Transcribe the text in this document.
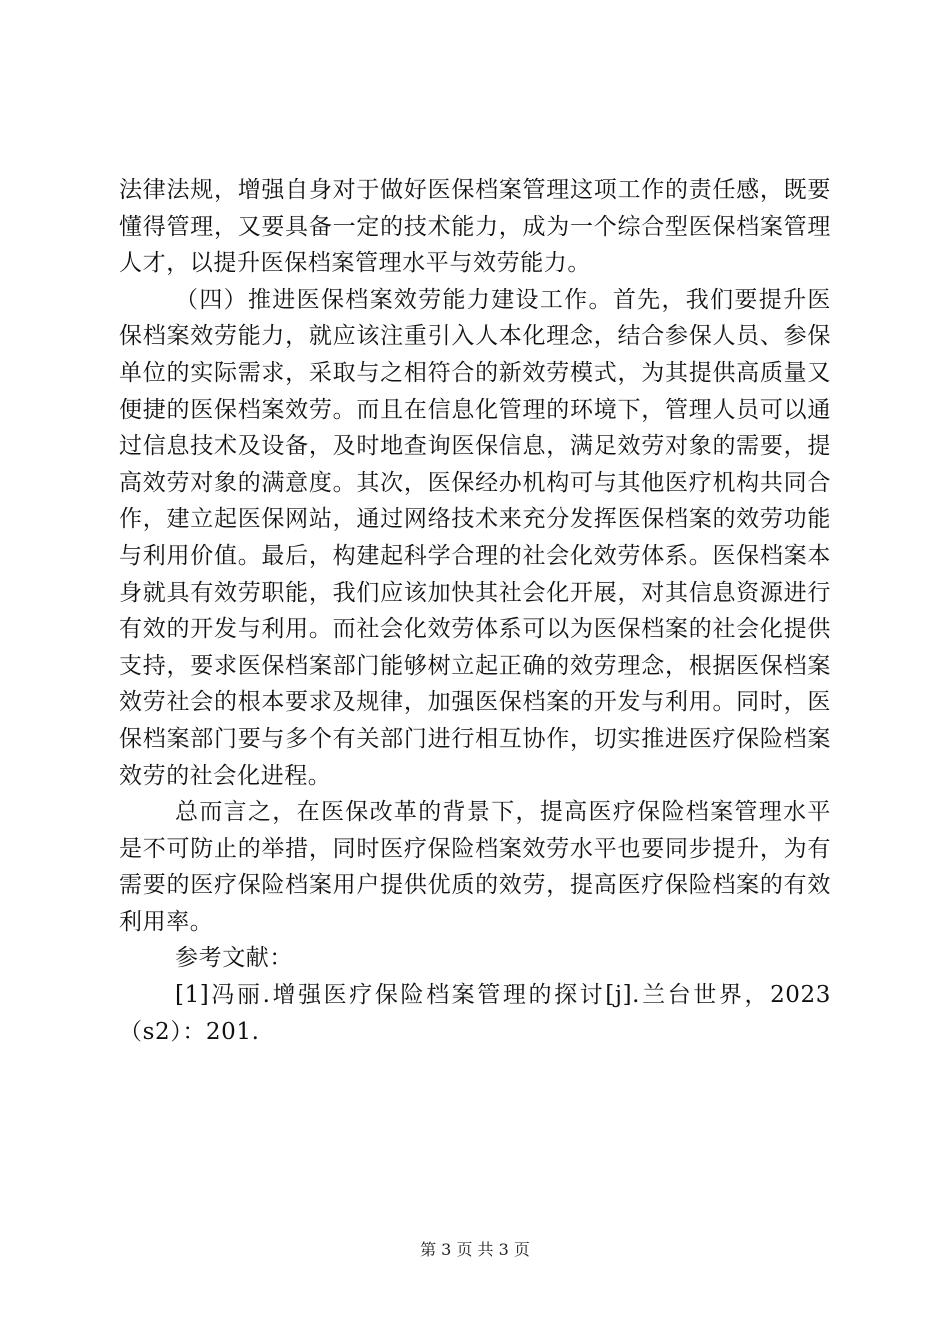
法律法规，增强自身对于做好医保档案管理这项工作的责任感，既要懂得管理，又要具备一定的技术能力，成为一个综合型医保档案管理人才，以提升医保档案管理水平与效劳能力。

（四）推进医保档案效劳能力建设工作。首先，我们要提升医保档案效劳能力，就应该注重引入人本化理念，结合参保人员、参保单位的实际需求，采取与之相符合的新效劳模式，为其提供高质量又便捷的医保档案效劳。而且在信息化管理的环境下，管理人员可以通过信息技术及设备，及时地查询医保信息，满足效劳对象的需要，提高效劳对象的满意度。其次，医保经办机构可与其他医疗机构共同合作，建立起医保网站，通过网络技术来充分发挥医保档案的效劳功能与利用价值。最后，构建起科学合理的社会化效劳体系。医保档案本身就具有效劳职能，我们应该加快其社会化开展，对其信息资源进行有效的开发与利用。而社会化效劳体系可以为医保档案的社会化提供支持，要求医保档案部门能够树立起正确的效劳理念，根据医保档案效劳社会的根本要求及规律，加强医保档案的开发与利用。同时，医保档案部门要与多个有关部门进行相互协作，切实推进医疗保险档案效劳的社会化进程。

总而言之，在医保改革的背景下，提高医疗保险档案管理水平是不可防止的举措，同时医疗保险档案效劳水平也要同步提升，为有需要的医疗保险档案用户提供优质的效劳，提高医疗保险档案的有效利用率。

参考文献：

[1]冯丽.增强医疗保险档案管理的探讨[j].兰台世界，2023（s2）：201.

第 3 页 共 3 页
